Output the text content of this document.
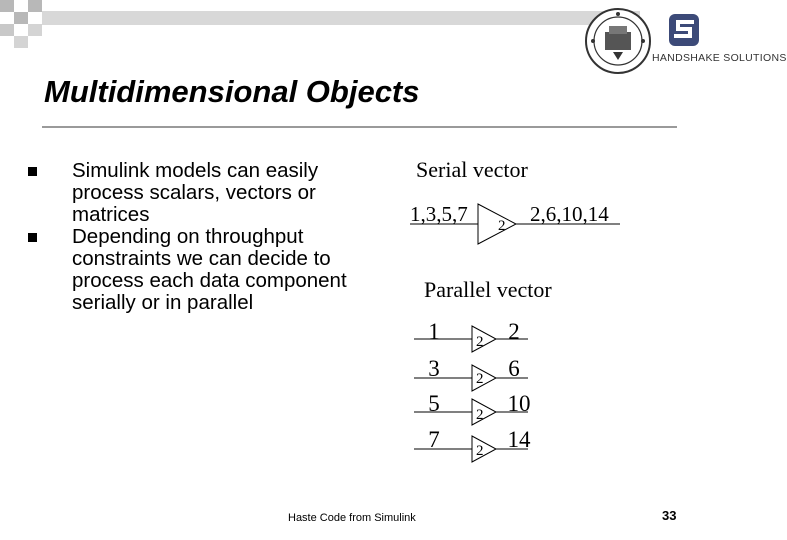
HANDSHAKE SOLUTIONS
Multidimensional Objects
Simulink models can easily process scalars, vectors or matrices
Depending on throughput constraints we can decide to process each data component serially or in parallel
Serial vector
1,3,5,7 2 2,6,10,14
Parallel vector
1 2 2
3 2 6
5 2	10
7 2	14
Haste Code from Simulink	33
